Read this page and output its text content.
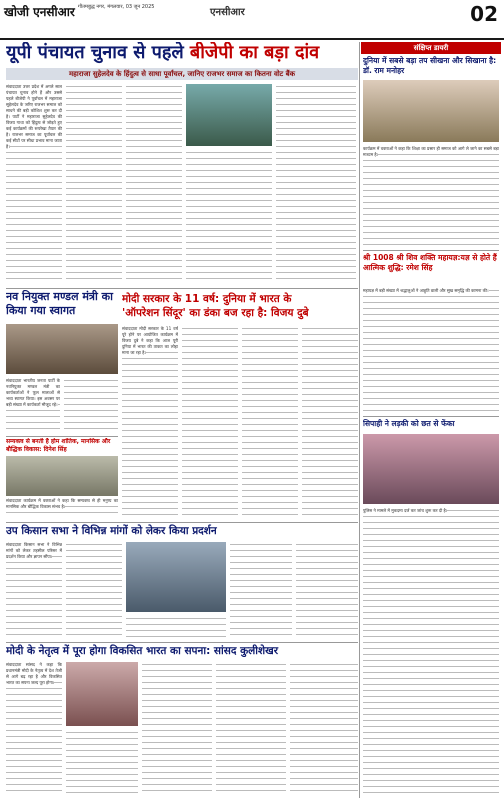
खोजी एनसीआर गौतमबुद्ध नगर, मंगलवार, 03 जून 2025	एनसीआर	02
यूपी पंचायत चुनाव से पहले बीजेपी का बड़ा दांव
महाराजा सुहेलदेव के हिंदुत्व से साधा पूर्वांचल, जानिए राजभर समाज का कितना वोट बैंक
संवाददाता उत्तर प्रदेश में अगले साल पंचायत चुनाव होने हैं और उससे पहले बीजेपी ने पूर्वांचल में महाराजा सुहेलदेव के जरिए राजभर समाज को साधने की बड़ी कोशिश शुरू कर दी है। पार्टी ने महाराजा सुहेलदेव की विजय गाथा को हिंदुत्व से जोड़ते हुए कई कार्यक्रमों की रूपरेखा तैयार की है। राजभर समाज का पूर्वांचल की कई सीटों पर सीधा प्रभाव माना जाता है।
नव नियुक्त मण्डल मंत्री का किया गया स्वागत
संवाददाता भारतीय जनता पार्टी के नवनियुक्त मण्डल मंत्री का कार्यकर्ताओं ने फूल मालाओं से भव्य स्वागत किया। इस अवसर पर बड़ी संख्या में कार्यकर्ता मौजूद रहे।
सम्यक्त्व से बनती है होम शांतिक, मानसिक और बौद्धिक विकास: दिनेश सिंह
संवाददाता कार्यक्रम में वक्ताओं ने कहा कि सम्यक्त्व से ही मनुष्य का मानसिक और बौद्धिक विकास संभव है।
मोदी सरकार के 11 वर्ष: दुनिया में भारत के
'ऑपरेशन सिंदूर' का डंका बज रहा है: विजय दुबे
संवाददाता मोदी सरकार के 11 वर्ष पूरे होने पर आयोजित कार्यक्रम में विजय दुबे ने कहा कि आज पूरी दुनिया में भारत की ताकत का लोहा माना जा रहा है।
उप किसान सभा ने विभिन्न मांगों को लेकर किया प्रदर्शन
संवाददाता किसान सभा ने विभिन्न मांगों को लेकर तहसील परिसर में प्रदर्शन किया और ज्ञापन सौंपा।
मोदी के नेतृत्व में पूरा होगा विकसित भारत का सपना: सांसद कुलीशेखर
संवाददाता सांसद ने कहा कि प्रधानमंत्री मोदी के नेतृत्व में देश तेजी से आगे बढ़ रहा है और विकसित भारत का सपना जल्द पूरा होगा।
संक्षिप्त डायरी
दुनिया में सबसे बड़ा तप सीखना और सिखाना है: डॉ. राम मनोहर
कार्यक्रम में वक्ताओं ने कहा कि शिक्षा का प्रसार ही समाज को आगे ले जाने का सबसे बड़ा माध्यम है।
श्री 1008 श्री शिव शक्ति महायज्ञ:यज्ञ से होते हैं आत्मिक शुद्धि: रमेश सिंह
महायज्ञ में बड़ी संख्या में श्रद्धालुओं ने आहुति डाली और सुख समृद्धि की कामना की।
सिपाही ने लड़की को छत से फेंका
पुलिस ने मामले में मुकदमा दर्ज कर जांच शुरू कर दी है।
